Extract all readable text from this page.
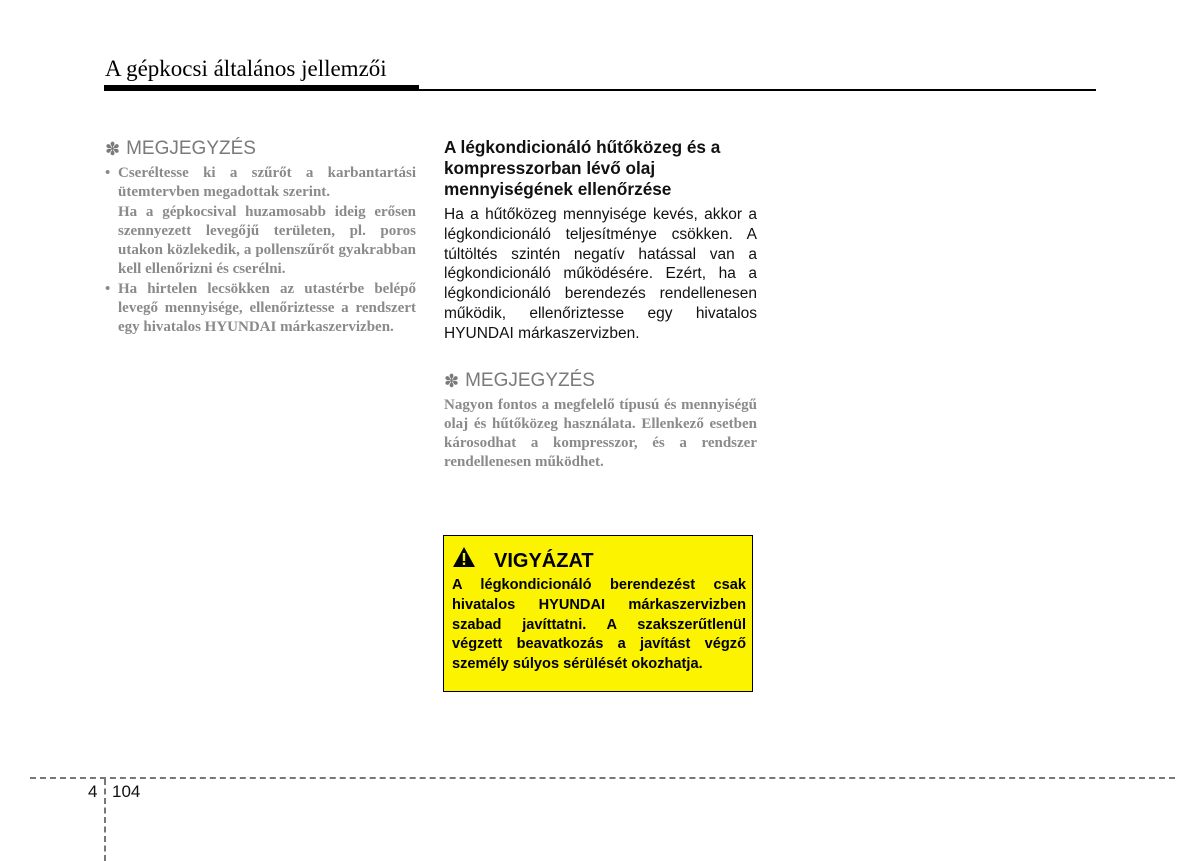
A gépkocsi általános jellemzői
✽ MEGJEGYZÉS
• Cseréltesse ki a szűrőt a karbantartási ütemtervben megadottak szerint.

Ha a gépkocsival huzamosabb ideig erősen szennyezett levegőjű területen, pl. poros utakon közlekedik, a pollenszűrőt gyakrabban kell ellenőrizni és cserélni.

• Ha hirtelen lecsökken az utastérbe belépő levegő mennyisége, ellenőriztesse a rendszert egy hivatalos HYUNDAI márkaszervizben.

A légkondicionáló hűtőközeg és a kompresszorban lévő olaj mennyiségének ellenőrzése

Ha a hűtőközeg mennyisége kevés, akkor a légkondicionáló teljesítménye csökken. A túltöltés szintén negatív hatással van a légkondicionáló működésére. Ezért, ha a légkondicionáló berendezés rendellenesen működik, ellenőriztesse egy hivatalos HYUNDAI márkaszervizben.

✽ MEGJEGYZÉS

Nagyon fontos a megfelelő típusú és mennyiségű olaj és hűtőközeg használata. Ellenkező esetben károsodhat a kompresszor, és a rendszer rendellenesen működhet.

VIGYÁZAT

A légkondicionáló berendezést csak hivatalos HYUNDAI márkaszervizben szabad javíttatni. A szakszerűtlenül végzett beavatkozás a javítást végző személy súlyos sérülését okozhatja.

4 104
